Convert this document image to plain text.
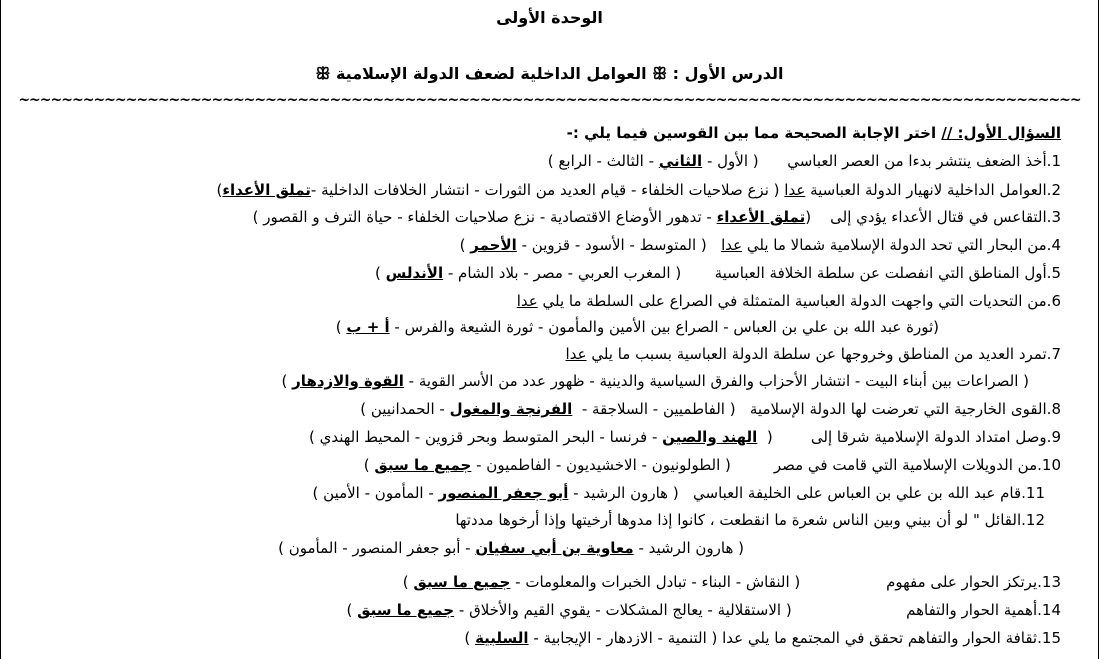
الوحدة الأولى
الدرس الأول : ꕥ العوامل الداخلية لضعف الدولة الإسلامية ꕥ
~~~~~~~~~~~~~~~~~~~~~~~~~~~~~~~~~~~~~~~~~~~~~~~~~~~~~~~~~~~~~~~~~~~~~~~~~~~~~~~~~~~~~~~~~~~~~~~~~~~
السؤال الأول: // اختر الإجابة الصحيحة مما بين القوسين فيما يلي :-
1.أخذ الضعف ينتشر بدءا من العصر العباسي      ( الأول - الثاني - الثالث - الرابع )
2.العوامل الداخلية لانهيار الدولة العباسية عدا ( نزع صلاحيات الخلفاء - قيام العديد من الثورات - انتشار الخلافات الداخلية -تملق الأعداء)
3.التقاعس في قتال الأعداء يؤدي إلى    (تملق الأعداء - تدهور الأوضاع الاقتصادية - نزع صلاحيات الخلفاء - حياة الترف و القصور )
4.من البحار التي تحد الدولة الإسلامية شمالا ما يلي عدا   ( المتوسط - الأسود - قزوين - الأحمر )
5.أول المناطق التي انفصلت عن سلطة الخلافة العباسية       ( المغرب العربي - مصر - بلاد الشام - الأندلس )
6.من التحديات التي واجهت الدولة العباسية المتمثلة في الصراع على السلطة ما يلي عدا
(ثورة عبد الله بن علي بن العباس - الصراع بين الأمين والمأمون - ثورة الشيعة والفرس - أ + ب )
7.تمرد العديد من المناطق وخروجها عن سلطة الدولة العباسية بسبب ما يلي عدا
( الصراعات بين أبناء البيت - انتشار الأحزاب والفرق السياسية والدينية - ظهور عدد من الأسر القوية - القوة والازدهار )
8.القوى الخارجية التي تعرضت لها الدولة الإسلامية   ( الفاطميين - السلاجقة -  الفرنجة والمغول - الحمدانيين )
9.وصل امتداد الدولة الإسلامية شرقا إلى        (  الهند والصين - فرنسا - البحر المتوسط وبحر قزوين - المحيط الهندي )
10.من الدويلات الإسلامية التي قامت في مصر         ( الطولونيون - الاخشيديون - الفاطميون - جميع ما سبق )
11.قام عبد الله بن علي بن العباس على الخليفة العباسي   ( هارون الرشيد - أبو جعفر المنصور - المأمون - الأمين )
12.القائل " لو أن بيني وبين الناس شعرة ما انقطعت ، كانوا إذا مدوها أرخيتها وإذا أرخوها مددتها
( هارون الرشيد - معاوية بن أبي سفيان - أبو جعفر المنصور - المأمون )
13.يرتكز الحوار على مفهوم                  ( النقاش - البناء - تبادل الخبرات والمعلومات - جميع ما سبق )
14.أهمية الحوار والتفاهم                        ( الاستقلالية - يعالج المشكلات - يقوي القيم والأخلاق - جميع ما سبق )
15.ثقافة الحوار والتفاهم تحقق في المجتمع ما يلي عدا ( التنمية - الازدهار - الإيجابية - السلبية )
